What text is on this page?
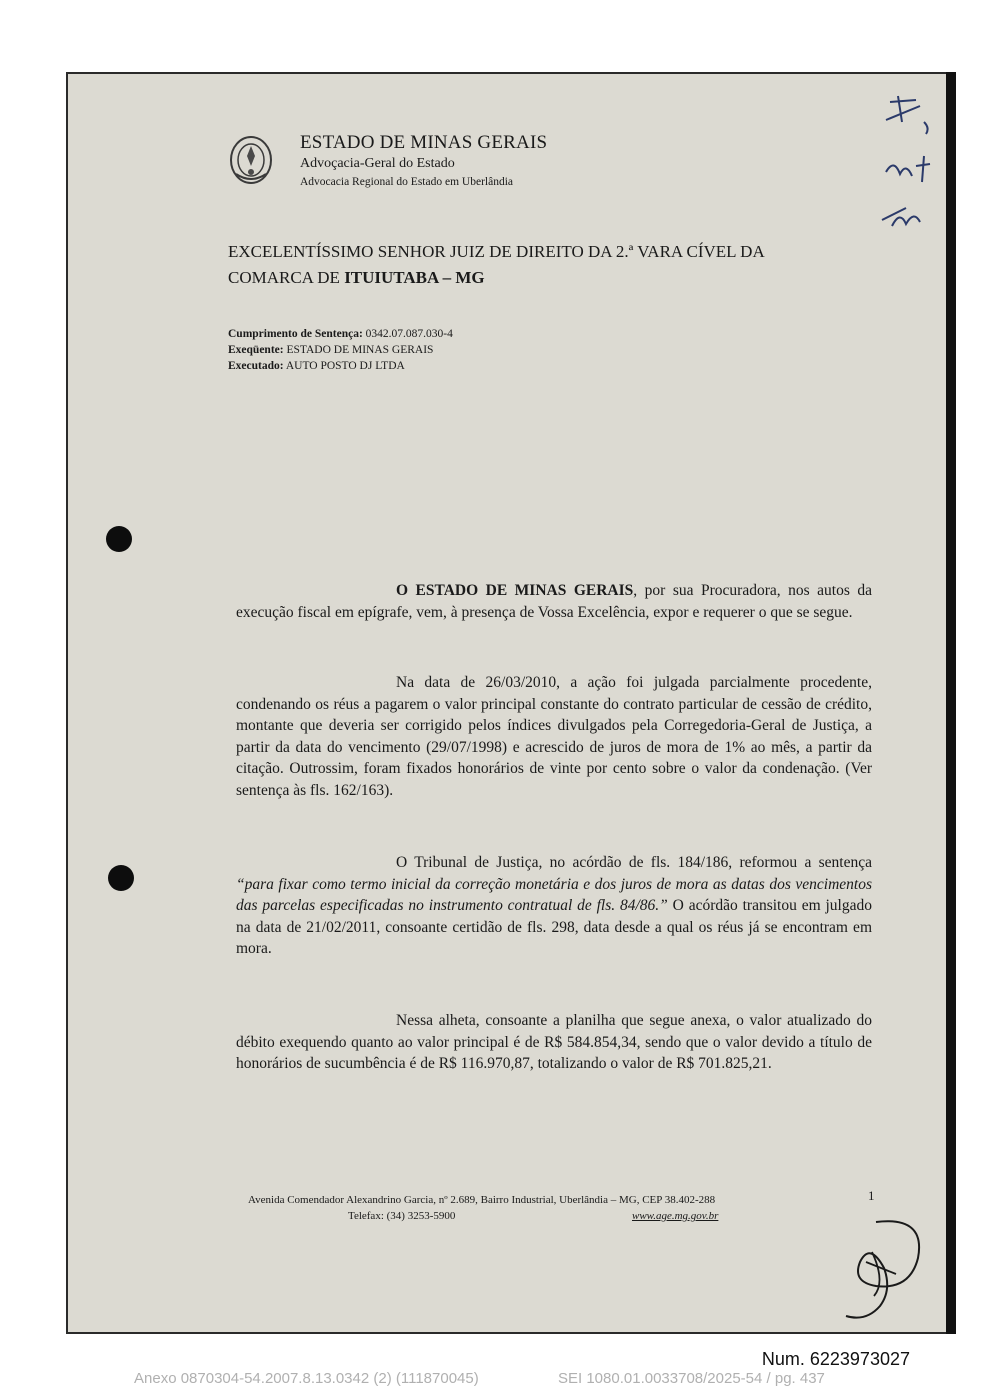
ESTADO DE MINAS GERAIS
Advoçacia-Geral do Estado
Advocacia Regional do Estado em Uberlândia
EXCELENTÍSSIMO SENHOR JUIZ DE DIREITO DA 2.ª VARA CÍVEL DA
COMARCA DE ITUIUTABA – MG
Cumprimento de Sentença: 0342.07.087.030-4
Exeqüente: ESTADO DE MINAS GERAIS
Executado: AUTO POSTO DJ LTDA
O ESTADO DE MINAS GERAIS, por sua Procuradora, nos autos da execução fiscal em epígrafe, vem, à presença de Vossa Excelência, expor e requerer o que se segue.
Na data de 26/03/2010, a ação foi julgada parcialmente procedente, condenando os réus a pagarem o valor principal constante do contrato particular de cessão de crédito, montante que deveria ser corrigido pelos índices divulgados pela Corregedoria-Geral de Justiça, a partir da data do vencimento (29/07/1998) e acrescido de juros de mora de 1% ao mês, a partir da citação. Outrossim, foram fixados honorários de vinte por cento sobre o valor da condenação. (Ver sentença às fls. 162/163).
O Tribunal de Justiça, no acórdão de fls. 184/186, reformou a sentença “para fixar como termo inicial da correção monetária e dos juros de mora as datas dos vencimentos das parcelas especificadas no instrumento contratual de fls. 84/86.” O acórdão transitou em julgado na data de 21/02/2011, consoante certidão de fls. 298, data desde a qual os réus já se encontram em mora.
Nessa alheta, consoante a planilha que segue anexa, o valor atualizado do débito exequendo quanto ao valor principal é de R$ 584.854,34, sendo que o valor devido a título de honorários de sucumbência é de R$ 116.970,87, totalizando o valor de R$ 701.825,21.
Avenida Comendador Alexandrino Garcia, nº 2.689, Bairro Industrial, Uberlândia – MG, CEP 38.402-288	1
Telefax: (34) 3253-5900	www.age.mg.gov.br
Num. 6223973027
Anexo 0870304-54.2007.8.13.0342 (2) (111870045)	SEI 1080.01.0033708/2025-54 / pg. 437
